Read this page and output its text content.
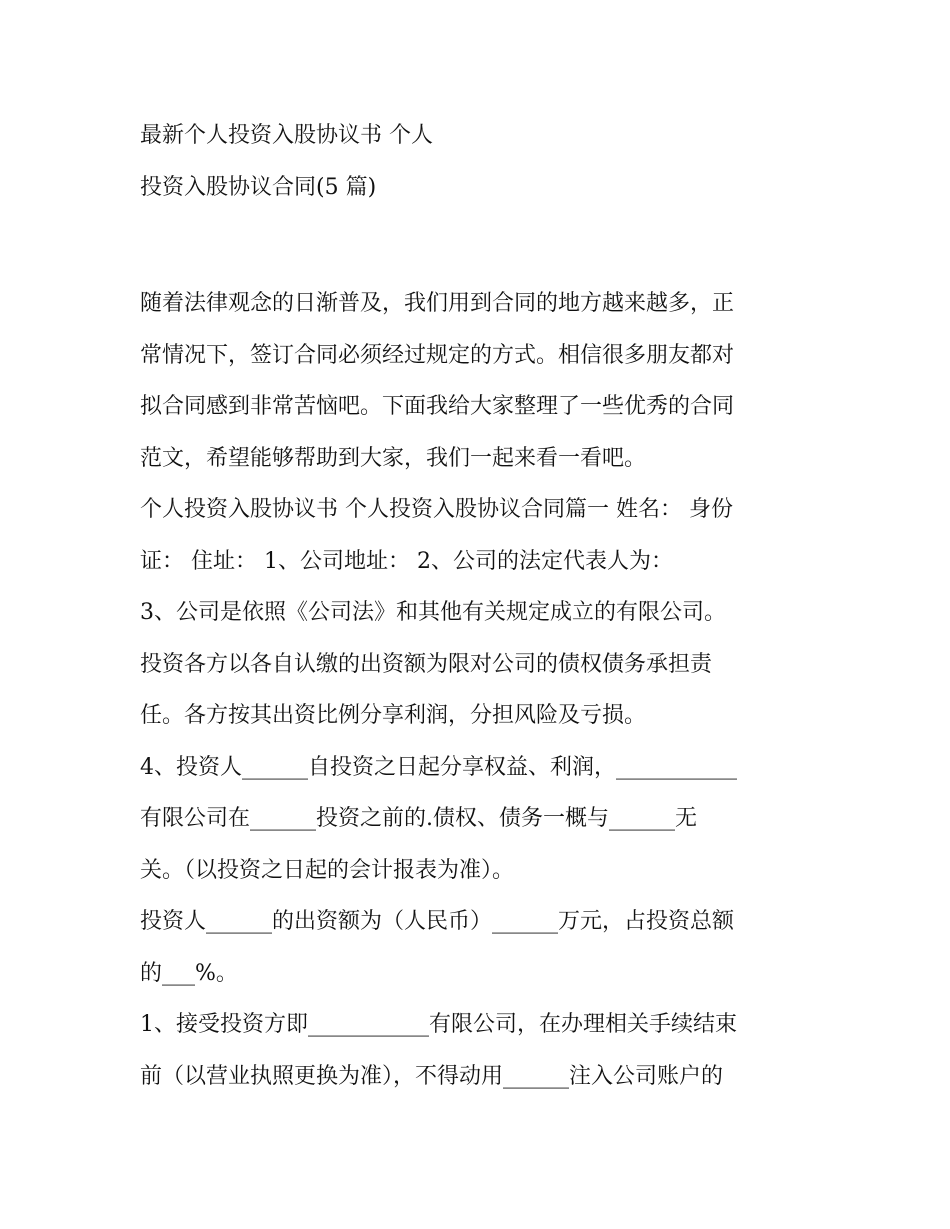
最新个人投资入股协议书 个人
投资入股协议合同(5 篇)
随着法律观念的日渐普及，我们用到合同的地方越来越多，正
常情况下，签订合同必须经过规定的方式。相信很多朋友都对
拟合同感到非常苦恼吧。下面我给大家整理了一些优秀的合同
范文，希望能够帮助到大家，我们一起来看一看吧。
个人投资入股协议书 个人投资入股协议合同篇一 姓名： 身份
证： 住址： 1、公司地址： 2、公司的法定代表人为：
3、公司是依照《公司法》和其他有关规定成立的有限公司。
投资各方以各自认缴的出资额为限对公司的债权债务承担责
任。各方按其出资比例分享利润，分担风险及亏损。
4、投资人______自投资之日起分享权益、利润，___________
有限公司在______投资之前的.债权、债务一概与______无
关。（以投资之日起的会计报表为准）。
投资人______的出资额为（人民币）______万元，占投资总额
的___%。
1、接受投资方即___________有限公司，在办理相关手续结束
前（以营业执照更换为准），不得动用______注入公司账户的
